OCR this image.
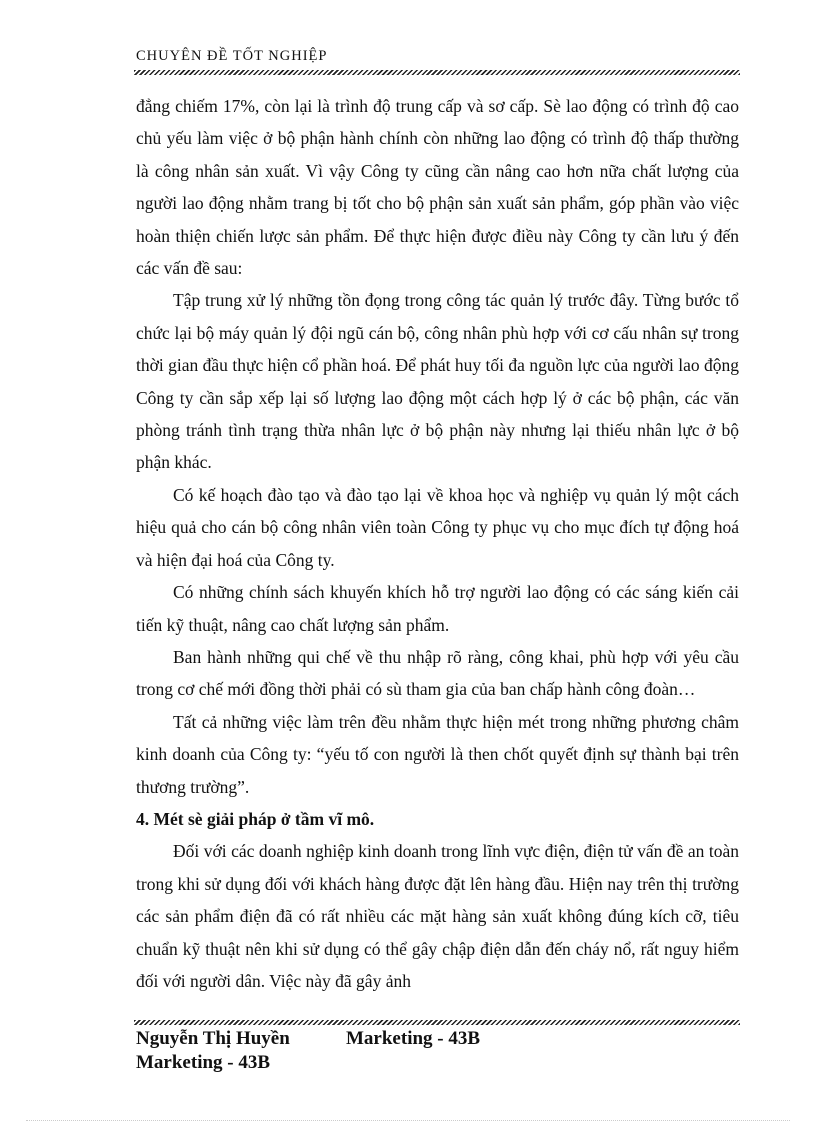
CHUYÊN ĐỀ TỐT NGHIỆP

đẳng chiếm 17%, còn lại là trình độ trung cấp và sơ cấp. Sè lao động có trình độ cao chủ yếu làm việc ở bộ phận hành chính còn những lao động có trình độ thấp thường là công nhân sản xuất. Vì vậy Công ty cũng cần nâng cao hơn nữa chất lượng của người lao động nhằm trang bị tốt cho bộ phận sản xuất sản phẩm, góp phần vào việc hoàn thiện chiến lược sản phẩm. Để thực hiện được điều này Công ty cần lưu ý đến các vấn đề sau:

Tập trung xử lý những tồn đọng trong công tác quản lý trước đây. Từng bước tổ chức lại bộ máy quản lý đội ngũ cán bộ, công nhân phù hợp với cơ cấu nhân sự trong thời gian đầu thực hiện cổ phần hoá. Để phát huy tối đa nguồn lực của người lao động Công ty cần sắp xếp lại số lượng lao động một cách hợp lý ở các bộ phận, các văn phòng tránh tình trạng thừa nhân lực ở bộ phận này nhưng lại thiếu nhân lực ở bộ phận khác.

Có kế hoạch đào tạo và đào tạo lại về khoa học và nghiệp vụ quản lý một cách hiệu quả cho cán bộ công nhân viên toàn Công ty phục vụ cho mục đích tự động hoá và hiện đại hoá của Công ty.

Có những chính sách khuyến khích hỗ trợ người lao động có các sáng kiến cải tiến kỹ thuật, nâng cao chất lượng sản phẩm.

Ban hành những qui chế về thu nhập rõ ràng, công khai, phù hợp với yêu cầu trong cơ chế mới đồng thời phải có sù tham gia của ban chấp hành công đoàn…

Tất cả những việc làm trên đều nhằm thực hiện mét trong những phương châm kinh doanh của Công ty: “yếu tố con người là then chốt quyết định sự thành bại trên thương trường”.

4. Mét sè giải pháp ở tầm vĩ mô.

Đối với các doanh nghiệp kinh doanh trong lĩnh vực điện, điện tử vấn đề an toàn trong khi sử dụng đối với khách hàng được đặt lên hàng đầu. Hiện nay trên thị trường các sản phẩm điện đã có rất nhiều các mặt hàng sản xuất không đúng kích cỡ, tiêu chuẩn kỹ thuật nên khi sử dụng có thể gây chập điện dẫn đến cháy nổ, rất nguy hiểm đối với người dân. Việc này đã gây ảnh

Nguyễn Thị Huyền	Marketing - 43B
Marketing - 43B
